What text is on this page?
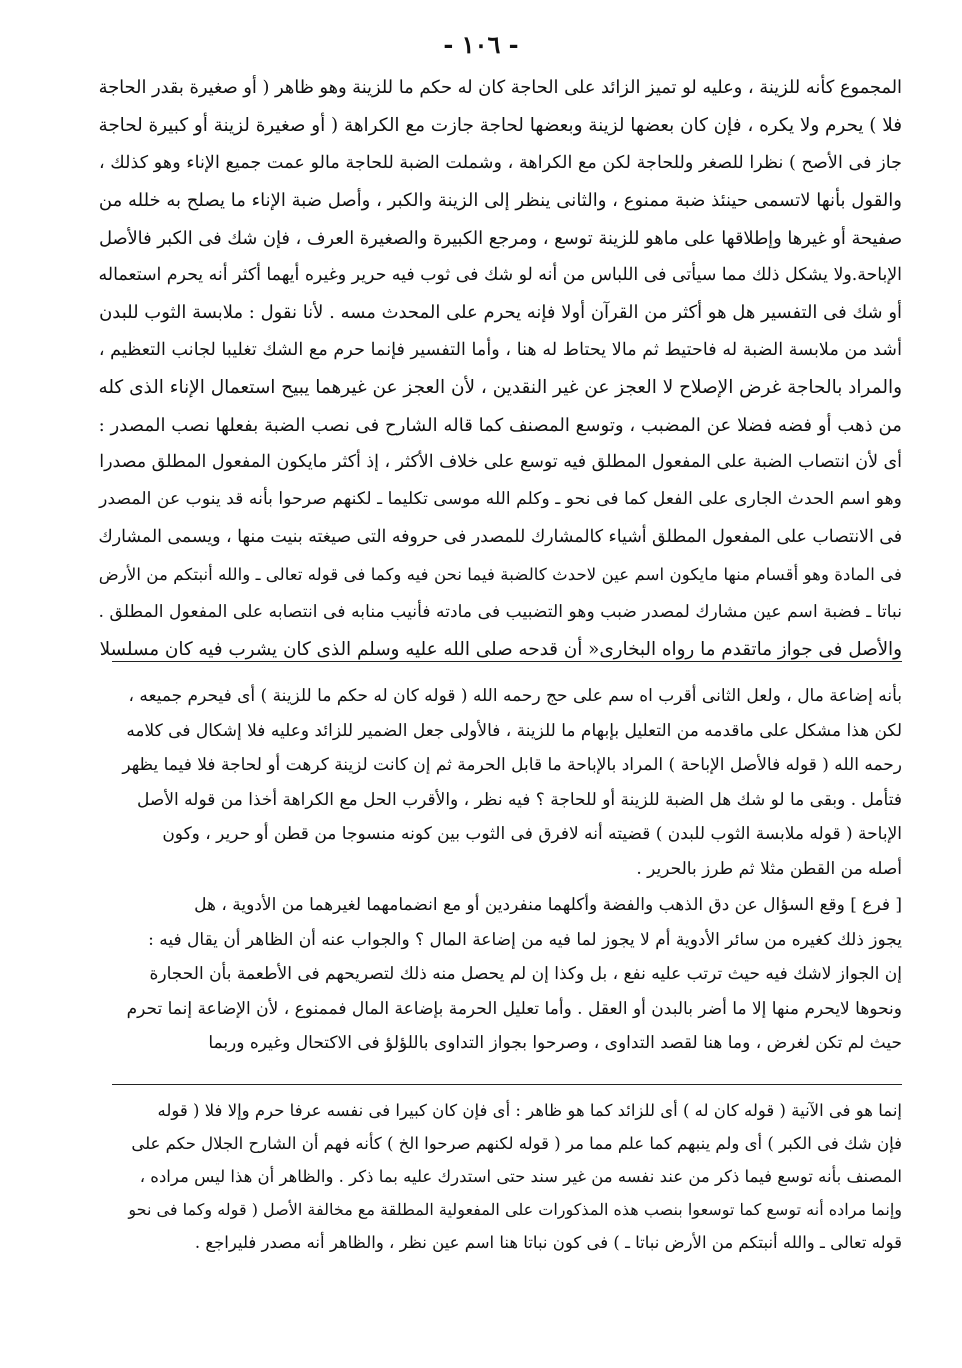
- ١٠٦ -
المجموع كأنه للزينة ، وعليه لو تميز الزائد على الحاجة كان له حكم ما للزينة وهو ظاهر ( أو صغيرة بقدر الحاجة
فلا ) يحرم ولا يكره ، فإن كان بعضها لزينة وبعضها لحاجة جازت مع الكراهة ( أو صغيرة لزينة أو كبيرة لحاجة
جاز فى الأصح ) نظرا للصغر وللحاجة لكن مع الكراهة ، وشملت الضبة للحاجة مالو عمت جميع الإناء وهو كذلك ،
والقول بأنها لاتسمى حينئذ ضبة ممنوع ، والثانى ينظر إلى الزينة والكبر ، وأصل ضبة الإناء ما يصلح به خلله من
صفيحة أو غيرها وإطلاقها على ماهو للزينة توسع ، ومرجع الكبيرة والصغيرة العرف ، فإن شك فى الكبر فالأصل
الإباحة.ولا يشكل ذلك مما سيأتى فى اللباس من أنه لو شك فى ثوب فيه حرير وغيره أيهما أكثر أنه يحرم استعماله
أو شك فى التفسير هل هو أكثر من القرآن أولا فإنه يحرم على المحدث مسه . لأنا نقول : ملابسة الثوب للبدن
أشد من ملابسة الضبة له فاحتيط ثم مالا يحتاط له هنا ، وأما التفسير فإنما حرم مع الشك تغليبا لجانب التعظيم ،
والمراد بالحاجة غرض الإصلاح لا العجز عن غير النقدين ، لأن العجز عن غيرهما يبيح استعمال الإناء الذى كله
من ذهب أو فضه فضلا عن المضبب ، وتوسع المصنف كما قاله الشارح فى نصب الضبة بفعلها نصب المصدر :
أى لأن انتصاب الضبة على المفعول المطلق فيه توسع على خلاف الأكثر ، إذ أكثر مايكون المفعول المطلق مصدرا
وهو اسم الحدث الجارى على الفعل كما فى نحو ـ وكلم الله موسى تكليما ـ لكنهم صرحوا بأنه قد ينوب عن المصدر
فى الانتصاب على المفعول المطلق أشياء كالمشارك للمصدر فى حروفه التى صيغته بنيت منها ، ويسمى المشارك
فى المادة وهو أقسام منها مايكون اسم عين لاحدث كالضبة فيما نحن فيه وكما فى قوله تعالى ـ والله أنبتكم من الأرض
نباتا ـ فضبة اسم عين مشارك لمصدر ضبب وهو التضبيب فى مادته فأنيب منابه فى انتصابه على المفعول المطلق .
والأصل فى جواز ماتقدم ما رواه البخارى« أن قدحه صلى الله عليه وسلم الذى كان يشرب فيه كان مسلسلا
بأنه إضاعة مال ، ولعل الثانى أقرب اه سم على حج رحمه الله ( قوله كان له حكم ما للزينة ) أى فيحرم جميعه ،
لكن هذا مشكل على ماقدمه من التعليل بإبهام ما للزينة ، فالأولى جعل الضمير للزائد وعليه فلا إشكال فى كلامه
رحمه الله ( قوله فالأصل الإباحة ) المراد بالإباحة ما قابل الحرمة ثم إن كانت لزينة كرهت أو لحاجة فلا فيما يظهر
فتأمل . وبقى ما لو شك هل الضبة للزينة أو للحاجة ؟ فيه نظر ، والأقرب الحل مع الكراهة أخذا من قوله الأصل
الإباحة ( قوله ملابسة الثوب للبدن ) قضيته أنه لافرق فى الثوب بين كونه منسوجا من قطن أو حرير ، وكون
أصله من القطن مثلا ثم طرز بالحرير .
[ فرع ] وقع السؤال عن دق الذهب والفضة وأكلهما منفردين أو مع انضمامهما لغيرهما من الأدوية ، هل
يجوز ذلك كغيره من سائر الأدوية أم لا يجوز لما فيه من إضاعة المال ؟ والجواب عنه أن الظاهر أن يقال فيه :
إن الجواز لاشك فيه حيث ترتب عليه نفع ، بل وكذا إن لم يحصل منه ذلك لتصريحهم فى الأطعمة بأن الحجارة
ونحوها لايحرم منها إلا ما أضر بالبدن أو العقل . وأما تعليل الحرمة بإضاعة المال فممنوع ، لأن الإضاعة إنما تحرم
حيث لم تكن لغرض ، وما هنا لقصد التداوى ، وصرحوا بجواز التداوى باللؤلؤ فى الاكتحال وغيره وربما
إنما هو فى الآنية ( قوله كان له ) أى للزائد كما هو ظاهر : أى فإن كان كبيرا فى نفسه عرفا حرم وإلا فلا ( قوله
فإن شك فى الكبر ) أى ولم ينبهم كما علم مما مر ( قوله لكنهم صرحوا الخ ) كأنه فهم أن الشارح الجلال حكم على
المصنف بأنه توسع فيما ذكر من عند نفسه من غير سند حتى استدرك عليه بما ذكر . والظاهر أن هذا ليس مراده ،
وإنما مراده أنه توسع كما توسعوا بنصب هذه المذكورات على المفعولية المطلقة مع مخالفة الأصل ( قوله وكما فى نحو
قوله تعالى ـ والله أنبتكم من الأرض نباتا ـ ) فى كون نباتا هنا اسم عين نظر ، والظاهر أنه مصدر فليراجع .
